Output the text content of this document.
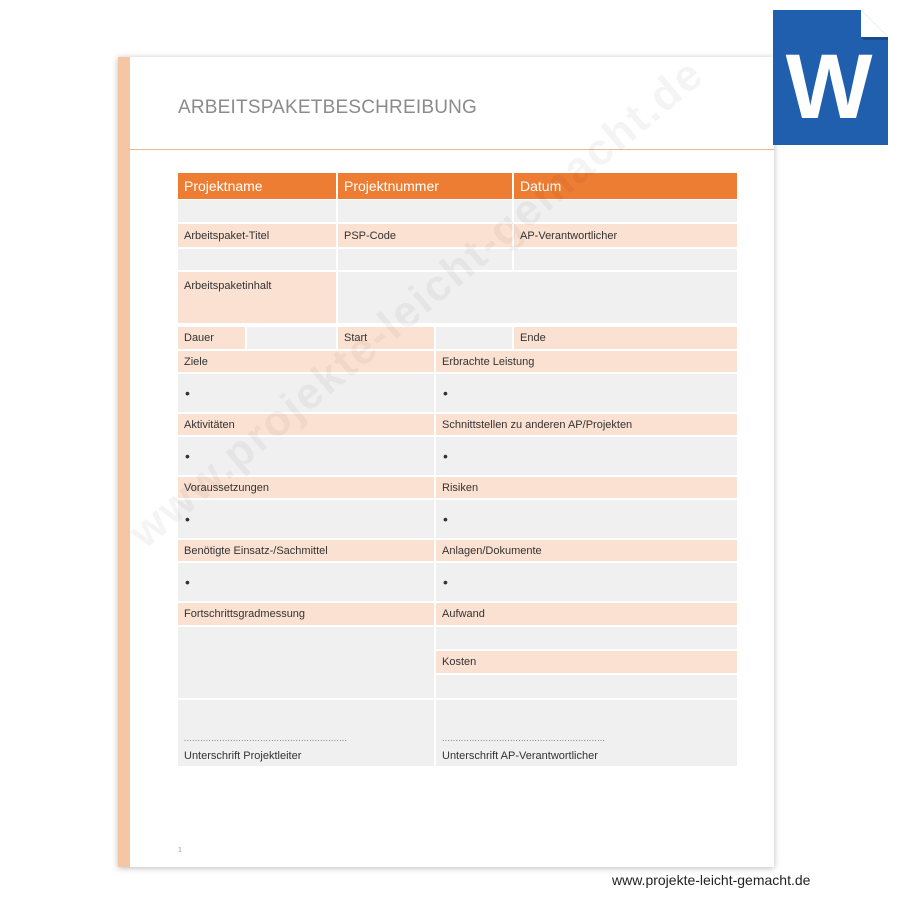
ARBEITSPAKETBESCHREIBUNG
1
Projektname	Projektnummer	Datum
Arbeitspaket-Titel	PSP-Code	AP-Verantwortlicher
Arbeitspaketinhalt
Dauer	Start	Ende
Ziele	Erbrachte Leistung
•	•
Aktivitäten	Schnittstellen zu anderen AP/Projekten
•	•
Voraussetzungen	Risiken
•	•
Benötigte Einsatz-/Sachmittel	Anlagen/Dokumente
•	•
Fortschrittsgradmessung	Aufwand
Kosten
............................................................
Unterschrift Projektleiter
............................................................
Unterschrift AP-Verantwortlicher
W
www.projekte-leicht-gemacht.de
